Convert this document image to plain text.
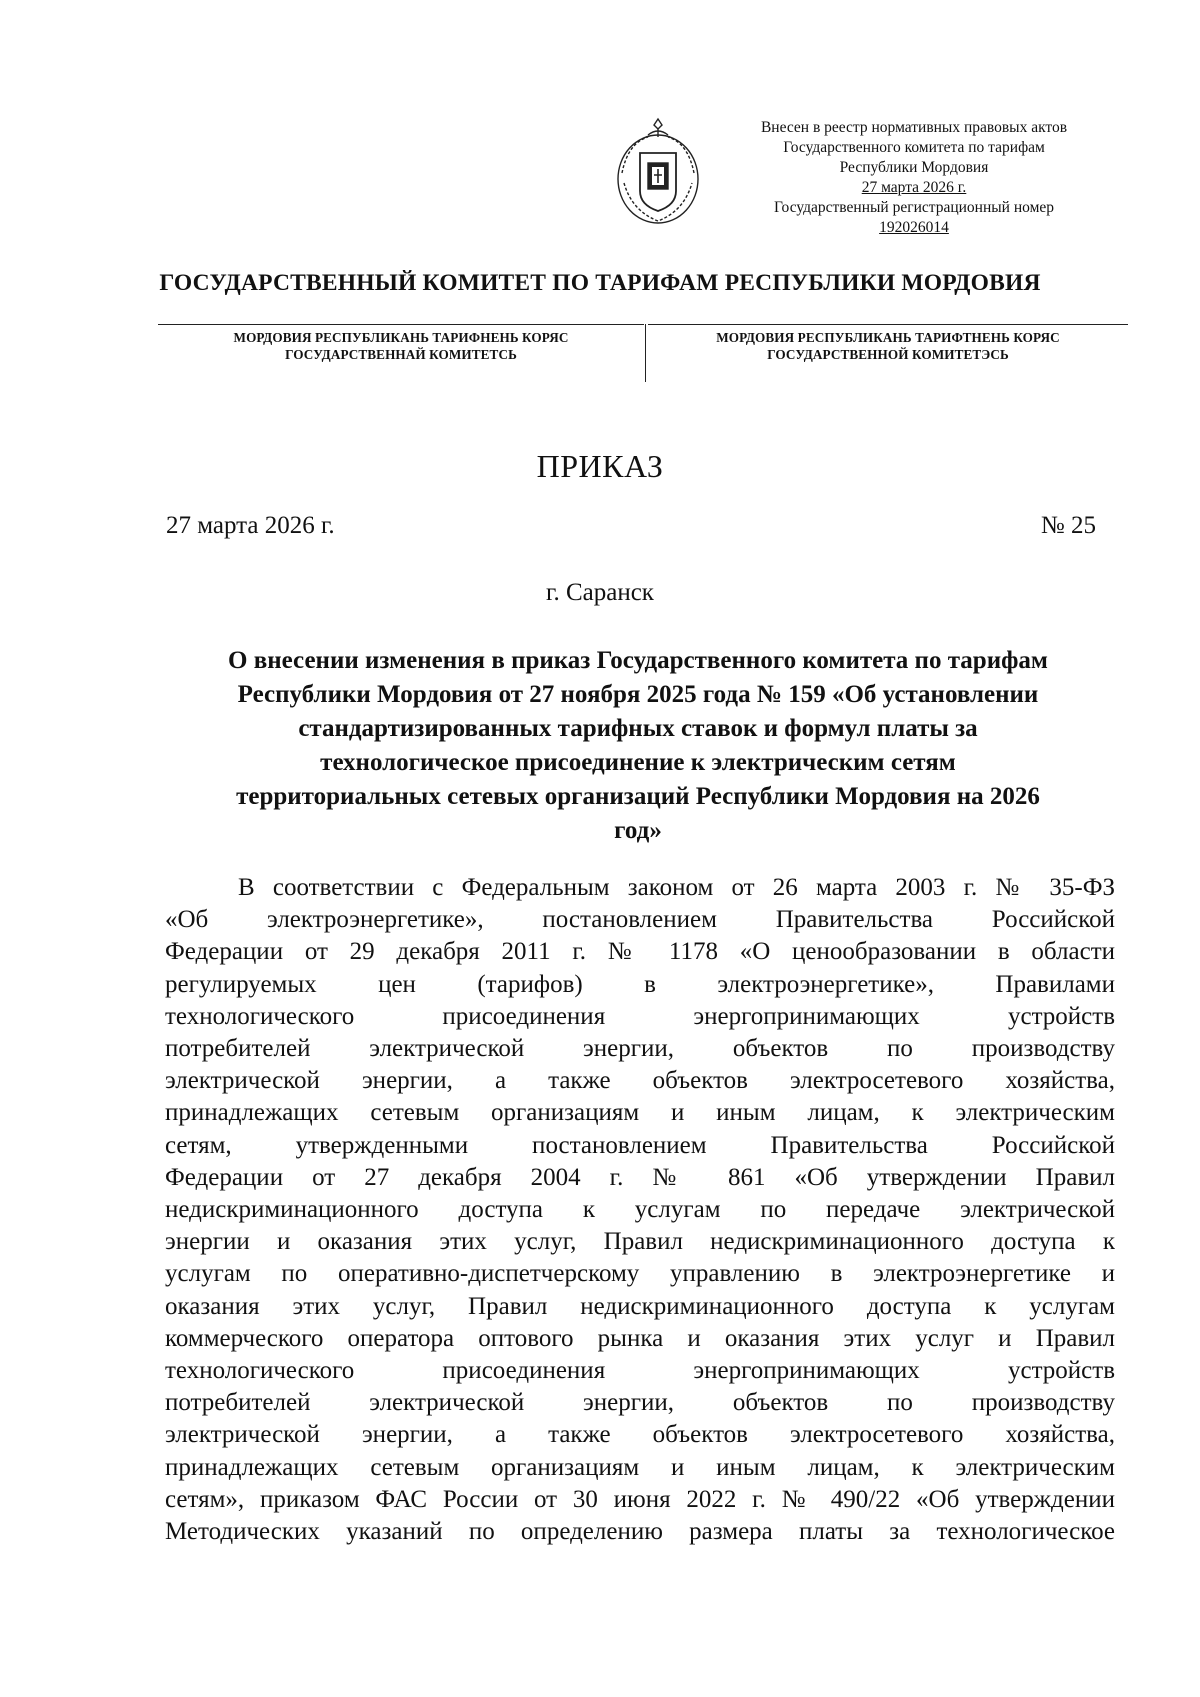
Внесен в реестр нормативных правовых актов
Государственного комитета по тарифам
Республики Мордовия
27 марта 2026 г.
Государственный регистрационный номер
192026014
ГОСУДАРСТВЕННЫЙ КОМИТЕТ ПО ТАРИФАМ РЕСПУБЛИКИ МОРДОВИЯ
МОРДОВИЯ РЕСПУБЛИКАНЬ ТАРИФНЕНЬ КОРЯС
ГОСУДАРСТВЕННАЙ КОМИТЕТСЬ
МОРДОВИЯ РЕСПУБЛИКАНЬ ТАРИФТНЕНЬ КОРЯС
ГОСУДАРСТВЕННОЙ КОМИТЕТЭСЬ
ПРИКАЗ
27 марта 2026 г.	№ 25
г. Саранск
О внесении изменения в приказ Государственного комитета по тарифам
Республики Мордовия от 27 ноября 2025 года № 159 «Об установлении
стандартизированных тарифных ставок и формул платы за
технологическое присоединение к электрическим сетям
территориальных сетевых организаций Республики Мордовия на 2026
год»
В соответствии с Федеральным законом от 26 марта 2003 г. № 35-ФЗ
«Об электроэнергетике», постановлением Правительства Российской
Федерации от 29 декабря 2011 г. № 1178 «О ценообразовании в области
регулируемых цен (тарифов) в электроэнергетике», Правилами
технологического присоединения энергопринимающих устройств
потребителей электрической энергии, объектов по производству
электрической энергии, а также объектов электросетевого хозяйства,
принадлежащих сетевым организациям и иным лицам, к электрическим
сетям, утвержденными постановлением Правительства Российской
Федерации от 27 декабря 2004 г. № 861 «Об утверждении Правил
недискриминационного доступа к услугам по передаче электрической
энергии и оказания этих услуг, Правил недискриминационного доступа к
услугам по оперативно-диспетчерскому управлению в электроэнергетике и
оказания этих услуг, Правил недискриминационного доступа к услугам
коммерческого оператора оптового рынка и оказания этих услуг и Правил
технологического присоединения энергопринимающих устройств
потребителей электрической энергии, объектов по производству
электрической энергии, а также объектов электросетевого хозяйства,
принадлежащих сетевым организациям и иным лицам, к электрическим
сетям», приказом ФАС России от 30 июня 2022 г. № 490/22 «Об утверждении
Методических указаний по определению размера платы за технологическое
